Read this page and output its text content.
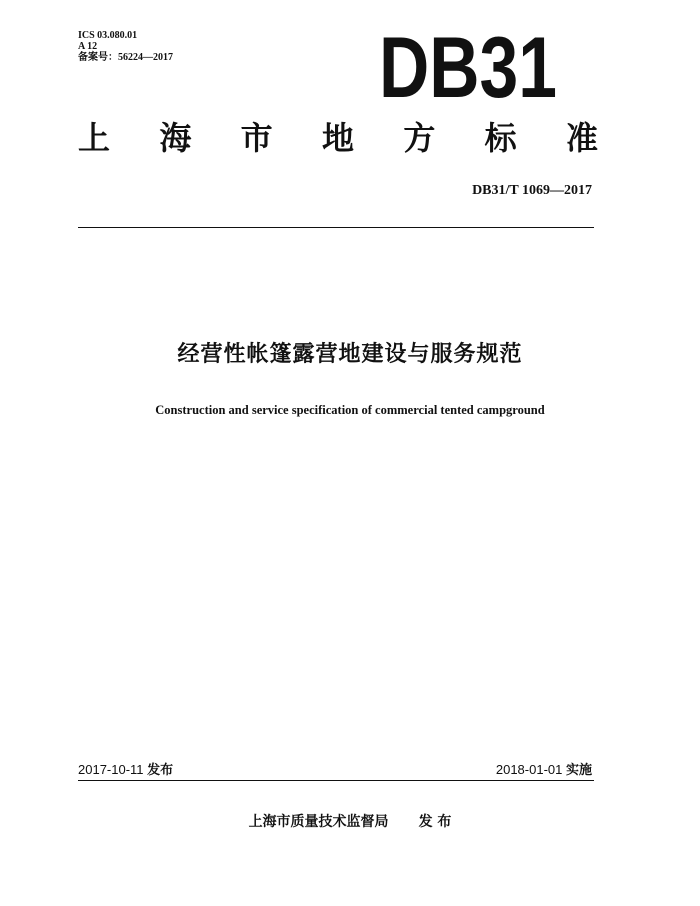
ICS 03.080.01
A 12
备案号：56224—2017 DB31
上 海 市 地 方 标 准
DB31/T 1069—2017
经营性帐篷露营地建设与服务规范
Construction and service specification of commercial tented campground
2017-10-11 发布	2018-01-01 实施
上海市质量技术监督局 发 布
